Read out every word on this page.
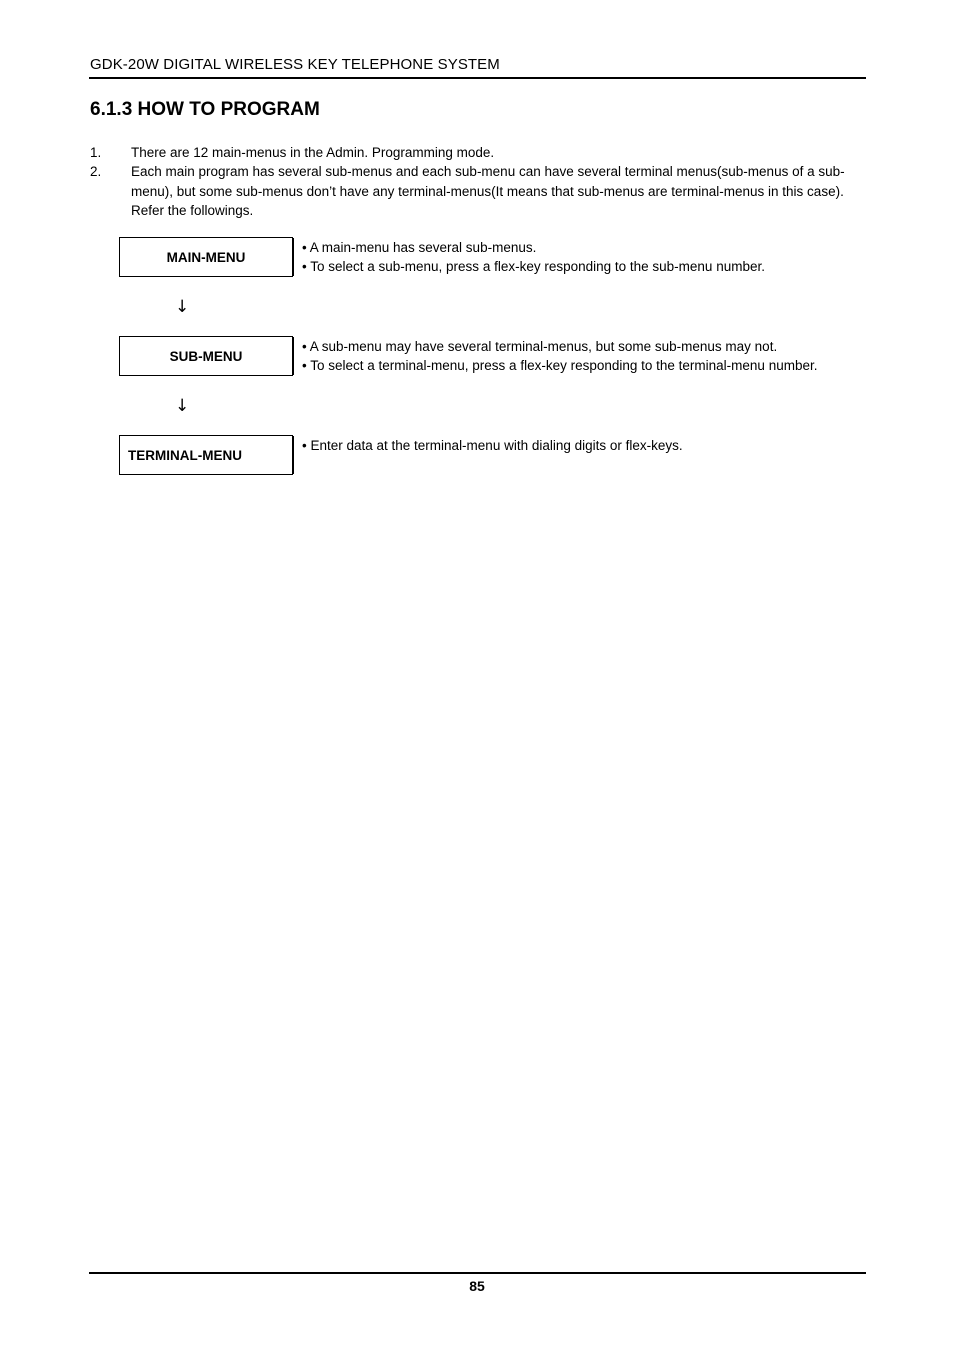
GDK-20W DIGITAL WIRELESS KEY TELEPHONE SYSTEM
6.1.3 HOW TO PROGRAM
1. There are 12 main-menus in the Admin. Programming mode.
2. Each main program has several sub-menus and each sub-menu can have several terminal menus(sub-menus of a sub-menu), but some sub-menus don’t have any terminal-menus(It means that sub-menus are terminal-menus in this case). Refer the followings.
MAIN-MENU
• A main-menu has several sub-menus.
• To select a sub-menu, press a flex-key responding to the sub-menu number.
↓
SUB-MENU
• A sub-menu may have several terminal-menus, but some sub-menus may not.
• To select a terminal-menu, press a flex-key responding to the terminal-menu number.
↓
TERMINAL-MENU
• Enter data at the terminal-menu with dialing digits or flex-keys.
85
